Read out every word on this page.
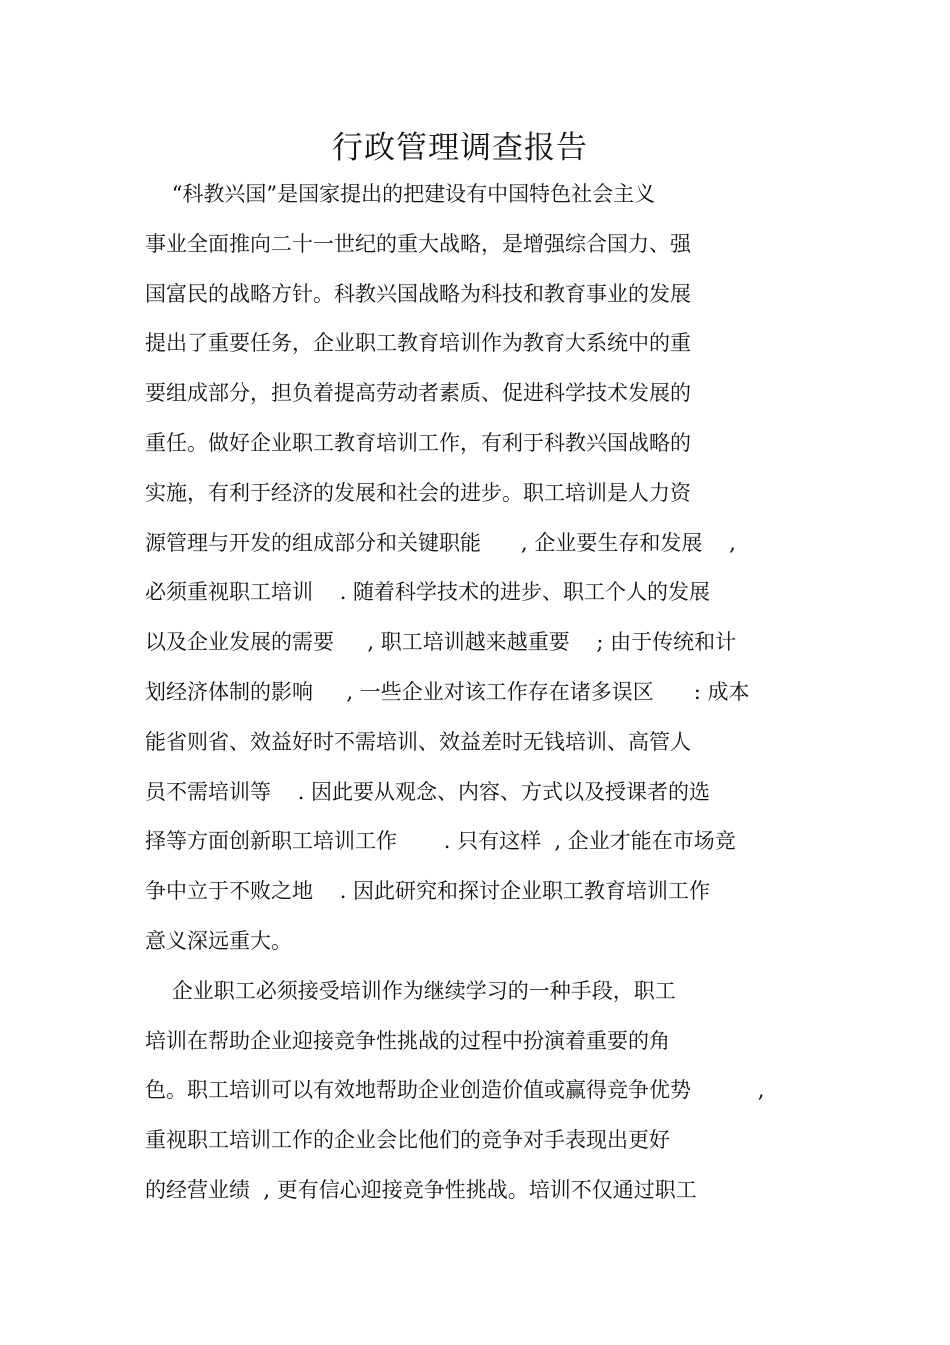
行政管理调查报告
“科教兴国”是国家提出的把建设有中国特色社会主义
事业全面推向二十一世纪的重大战略，是增强综合国力、强
国富民的战略方针。科教兴国战略为科技和教育事业的发展
提出了重要任务，企业职工教育培训作为教育大系统中的重
要组成部分，担负着提高劳动者素质、促进科学技术发展的
重任。做好企业职工教育培训工作，有利于科教兴国战略的
实施，有利于经济的发展和社会的进步。职工培训是人力资
源管理与开发的组成部分和关键职能      , 企业要生存和发展    ,
必须重视职工培训    . 随着科学技术的进步、职工个人的发展
以及企业发展的需要     , 职工培训越来越重要    ; 由于传统和计
划经济体制的影响     , 一些企业对该工作存在诸多误区      : 成本
能省则省、效益好时不需培训、效益差时无钱培训、高管人
员不需培训等    . 因此要从观念、内容、方式以及授课者的选
择等方面创新职工培训工作       . 只有这样  , 企业才能在市场竞
争中立于不败之地    . 因此研究和探讨企业职工教育培训工作
意义深远重大。
企业职工必须接受培训作为继续学习的一种手段，职工
培训在帮助企业迎接竞争性挑战的过程中扮演着重要的角
色。职工培训可以有效地帮助企业创造价值或赢得竞争优势          ,
重视职工培训工作的企业会比他们的竞争对手表现出更好
的经营业绩  , 更有信心迎接竞争性挑战。培训不仅通过职工
